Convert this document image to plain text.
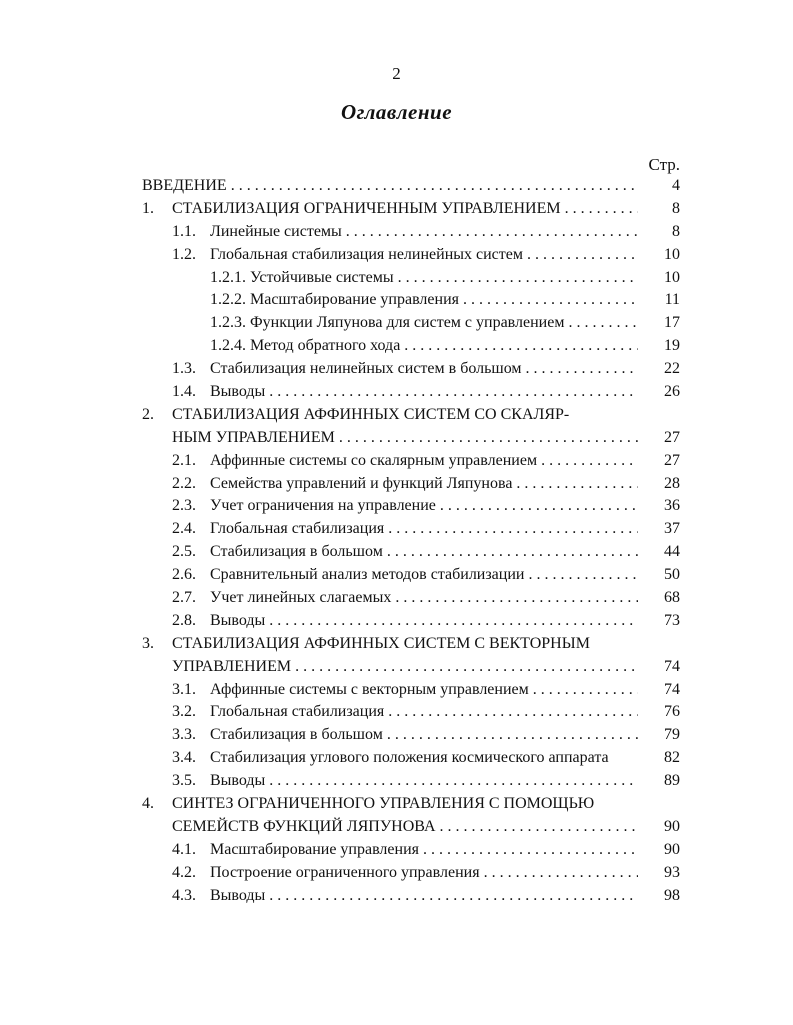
2
Оглавление
Стр.
ВВЕДЕНИЕ . . .	4
1. СТАБИЛИЗАЦИЯ ОГРАНИЧЕННЫМ УПРАВЛЕНИЕМ . . .	8
1.1. Линейные системы . . .	8
1.2. Глобальная стабилизация нелинейных систем . . .	10
1.2.1. Устойчивые системы . . .	10
1.2.2. Масштабирование управления . . .	11
1.2.3. Функции Ляпунова для систем с управлением . . .	17
1.2.4. Метод обратного хода . . .	19
1.3. Стабилизация нелинейных систем в большом . . .	22
1.4. Выводы . . .	26
2. СТАБИЛИЗАЦИЯ АФФИННЫХ СИСТЕМ СО СКАЛЯР-
НЫМ УПРАВЛЕНИЕМ . . .	27
2.1. Аффинные системы со скалярным управлением . . .	27
2.2. Семейства управлений и функций Ляпунова . . .	28
2.3. Учет ограничения на управление . . .	36
2.4. Глобальная стабилизация . . .	37
2.5. Стабилизация в большом . . .	44
2.6. Сравнительный анализ методов стабилизации . . .	50
2.7. Учет линейных слагаемых . . .	68
2.8. Выводы . . .	73
3. СТАБИЛИЗАЦИЯ АФФИННЫХ СИСТЕМ С ВЕКТОРНЫМ
УПРАВЛЕНИЕМ . . .	74
3.1. Аффинные системы с векторным управлением . . .	74
3.2. Глобальная стабилизация . . .	76
3.3. Стабилизация в большом . . .	79
3.4. Стабилизация углового положения космического аппарата	82
3.5. Выводы . . .	89
4. СИНТЕЗ ОГРАНИЧЕННОГО УПРАВЛЕНИЯ С ПОМОЩЬЮ
СЕМЕЙСТВ ФУНКЦИЙ ЛЯПУНОВА . . .	90
4.1. Масштабирование управления . . .	90
4.2. Построение ограниченного управления . . .	93
4.3. Выводы . . .	98
